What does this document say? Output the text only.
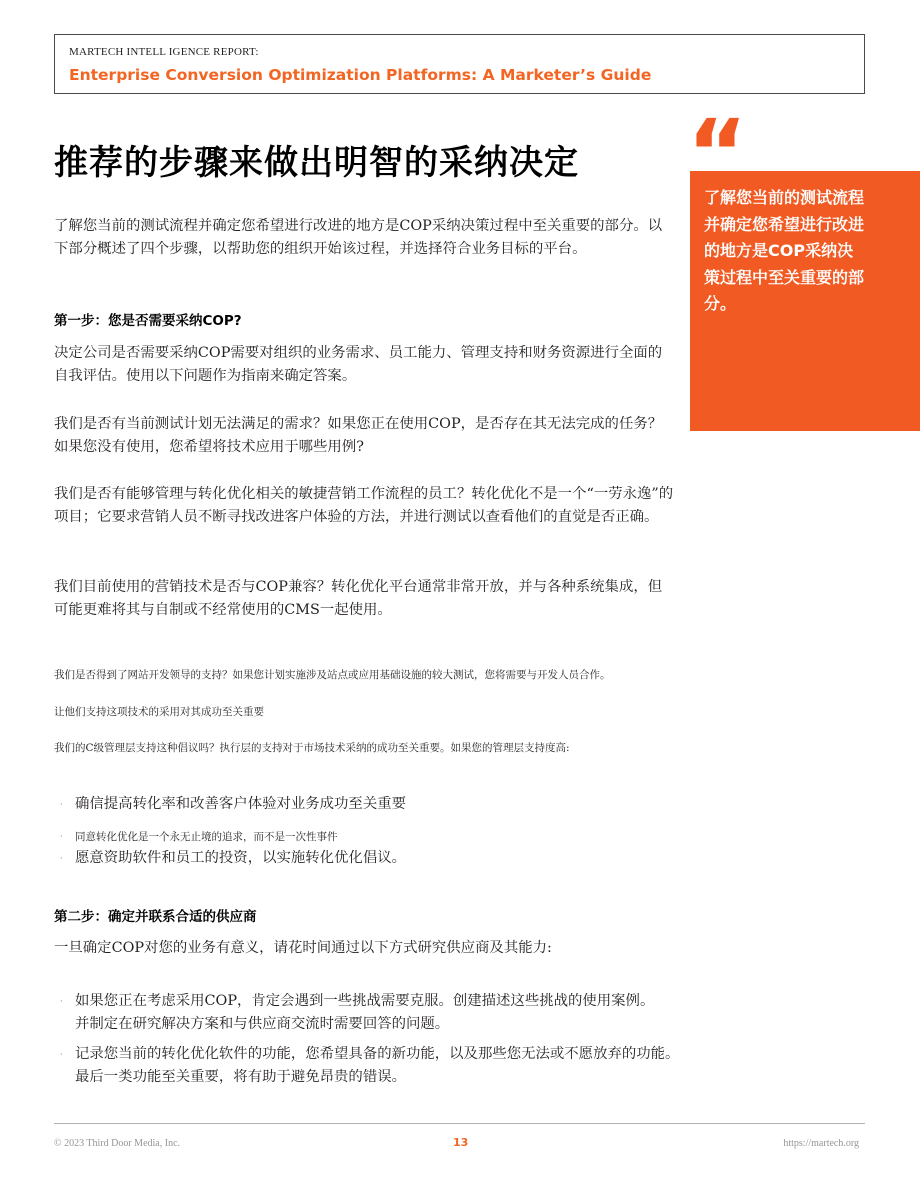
MARTECH INTELL IGENCE REPORT:
Enterprise Conversion Optimization Platforms: A Marketer’s Guide
推荐的步骤来做出明智的采纳决定

了解您当前的测试流程并确定您希望进行改进的地方是COP采纳决策过程中至关重要的部分。以下部分概述了四个步骤，以帮助您的组织开始该过程，并选择符合业务目标的平台。

第一步：您是否需要采纳COP?

决定公司是否需要采纳COP需要对组织的业务需求、员工能力、管理支持和财务资源进行全面的自我评估。使用以下问题作为指南来确定答案。

我们是否有当前测试计划无法满足的需求？如果您正在使用COP，是否存在其无法完成的任务？如果您没有使用，您希望将技术应用于哪些用例?

我们是否有能够管理与转化优化相关的敏捷营销工作流程的员工？转化优化不是一个“一劳永逸”的项目；它要求营销人员不断寻找改进客户体验的方法，并进行测试以查看他们的直觉是否正确。

我们目前使用的营销技术是否与COP兼容？转化优化平台通常非常开放，并与各种系统集成，但可能更难将其与自制或不经常使用的CMS一起使用。

我们是否得到了网站开发领导的支持？如果您计划实施涉及站点或应用基础设施的较大测试，您将需要与开发人员合作。

让他们支持这项技术的采用对其成功至关重要

我们的C级管理层支持这种倡议吗？执行层的支持对于市场技术采纳的成功至关重要。如果您的管理层支持度高:

· 确信提高转化率和改善客户体验对业务成功至关重要
·	同意转化优化是一个永无止境的追求，而不是一次性事件
· 愿意资助软件和员工的投资，以实施转化优化倡议。
第二步：确定并联系合适的供应商

一旦确定COP对您的业务有意义，请花时间通过以下方式研究供应商及其能力:

· 如果您正在考虑采用COP，肯定会遇到一些挑战需要克服。创建描述这些挑战的使用案例。并制定在研究解决方案和与供应商交流时需要回答的问题。
· 记录您当前的转化优化软件的功能，您希望具备的新功能，以及那些您无法或不愿放弃的功能。最后一类功能至关重要，将有助于避免昂贵的错误。

了解您当前的测试流程并确定您希望进行改进的地方是COP采纳决策过程中至关重要的部分。

“
© 2023 Third Door Media, Inc.	13	https://martech.org
